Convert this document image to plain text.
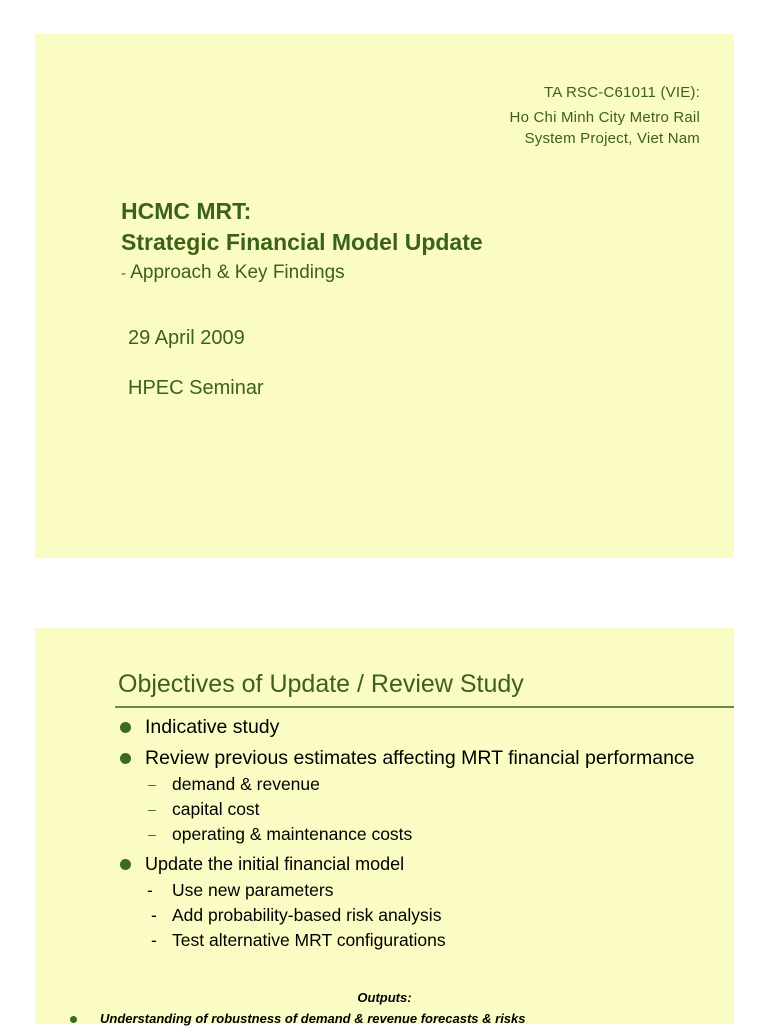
TA RSC-C61011 (VIE):
Ho Chi Minh City Metro Rail
System Project, Viet Nam
HCMC MRT:
Strategic Financial Model Update
- Approach & Key Findings
29 April 2009
HPEC Seminar
Objectives of Update / Review Study
Indicative study
Review previous estimates affecting MRT financial performance
– demand & revenue
– capital cost
– operating & maintenance costs
Update the initial financial model
- Use new parameters
- Add probability-based risk analysis
- Test alternative MRT configurations
Outputs:
Understanding of robustness of demand & revenue forecasts & risks
